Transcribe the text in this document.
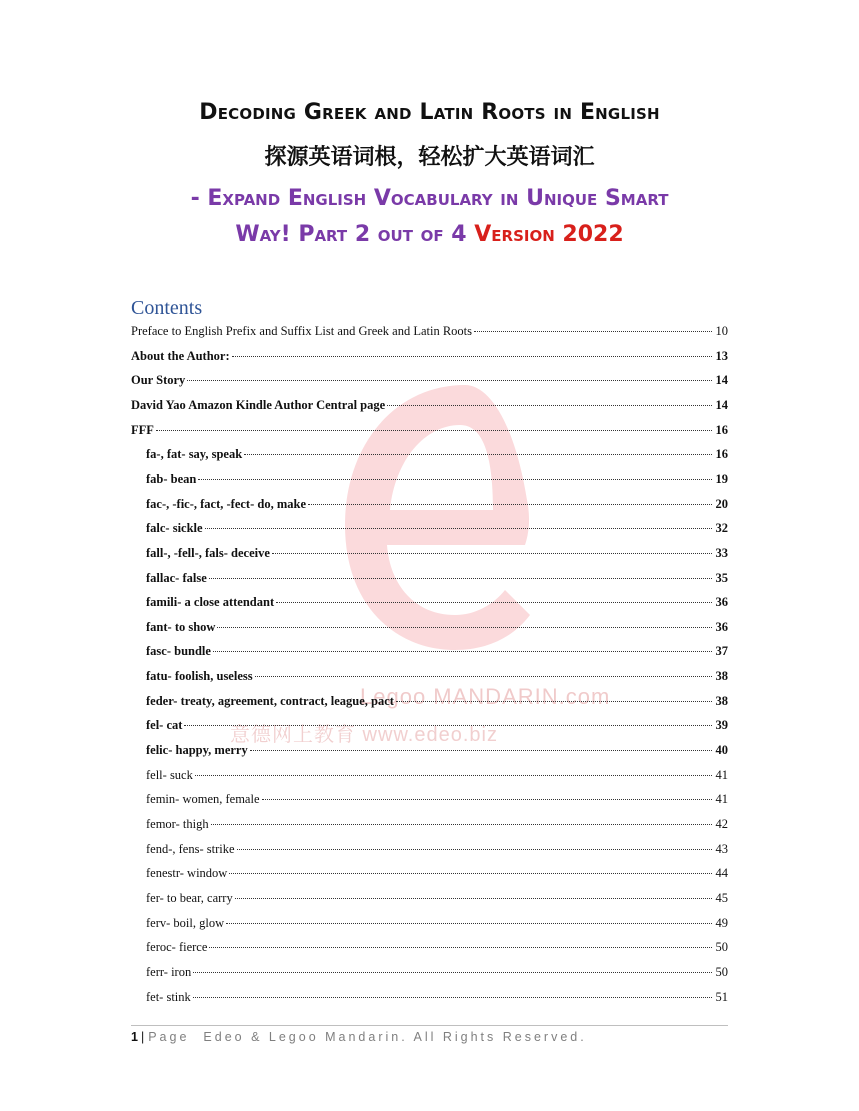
Legoo MANDARIN.com
意德网上教育 www.edeo.biz
Decoding Greek and Latin Roots in English
探源英语词根，轻松扩大英语词汇
- Expand English Vocabulary in Unique Smart
Way! Part 2 out of 4 Version 2022
Contents
Preface to English Prefix and Suffix List and Greek and Latin Roots	10
About the Author:	13
Our Story	14
David Yao Amazon Kindle Author Central page	14
FFF	16
fa-, fat- say, speak	16
fab- bean	19
fac-, -fic-, fact, -fect- do, make	20
falc- sickle	32
fall-, -fell-, fals- deceive	33
fallac- false	35
famili- a close attendant	36
fant- to show	36
fasc- bundle	37
fatu- foolish, useless	38
feder- treaty, agreement, contract, league, pact	38
fel- cat	39
felic- happy, merry	40
fell- suck	41
femin- women, female	41
femor- thigh	42
fend-, fens- strike	43
fenestr- window	44
fer- to bear, carry	45
ferv- boil, glow	49
feroc- fierce	50
ferr- iron	50
fet- stink	51
1 | Page Edeo & Legoo Mandarin. All Rights Reserved.
